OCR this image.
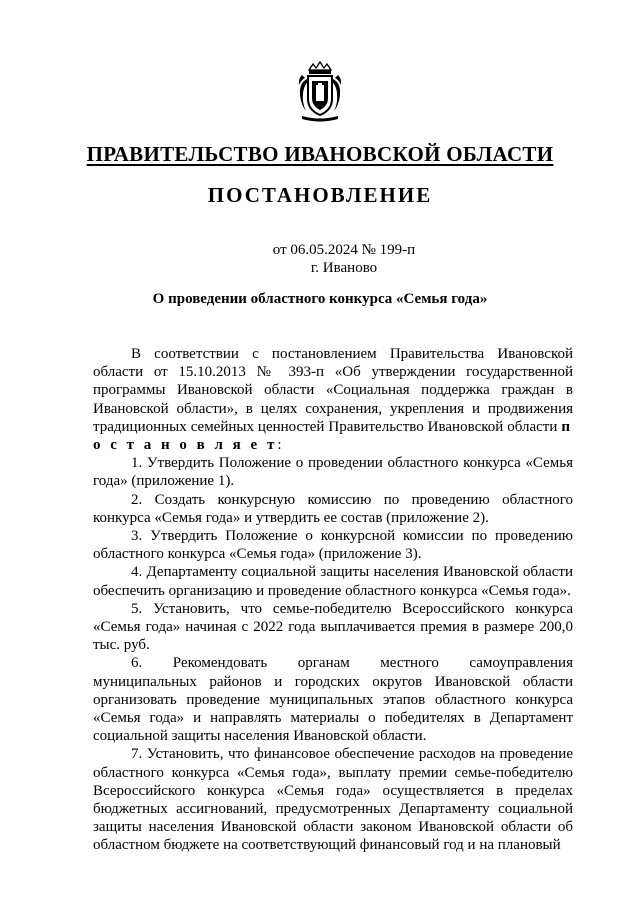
ПРАВИТЕЛЬСТВО ИВАНОВСКОЙ ОБЛАСТИ
ПОСТАНОВЛЕНИЕ
от 06.05.2024 № 199-п
г. Иваново
О проведении областного конкурса «Семья года»

В соответствии с постановлением Правительства Ивановской области от 15.10.2013 № 393-п «Об утверждении государственной программы Ивановской области «Социальная поддержка граждан в Ивановской области», в целях сохранения, укрепления и продвижения традиционных семейных ценностей Правительство Ивановской области п о с т а н о в л я е т:

1. Утвердить Положение о проведении областного конкурса «Семья года» (приложение 1).

2. Создать конкурсную комиссию по проведению областного конкурса «Семья года» и утвердить ее состав (приложение 2).

3. Утвердить Положение о конкурсной комиссии по проведению областного конкурса «Семья года» (приложение 3).

4. Департаменту социальной защиты населения Ивановской области обеспечить организацию и проведение областного конкурса «Семья года».

5. Установить, что семье-победителю Всероссийского конкурса «Семья года» начиная с 2022 года выплачивается премия в размере 200,0 тыс. руб.

6. Рекомендовать органам местного самоуправления муниципальных районов и городских округов Ивановской области организовать проведение муниципальных этапов областного конкурса «Семья года» и направлять материалы о победителях в Департамент социальной защиты населения Ивановской области.

7. Установить, что финансовое обеспечение расходов на проведение областного конкурса «Семья года», выплату премии семье-победителю Всероссийского конкурса «Семья года» осуществляется в пределах бюджетных ассигнований, предусмотренных Департаменту социальной защиты населения Ивановской области законом Ивановской области об областном бюджете на соответствующий финансовый год и на плановый
